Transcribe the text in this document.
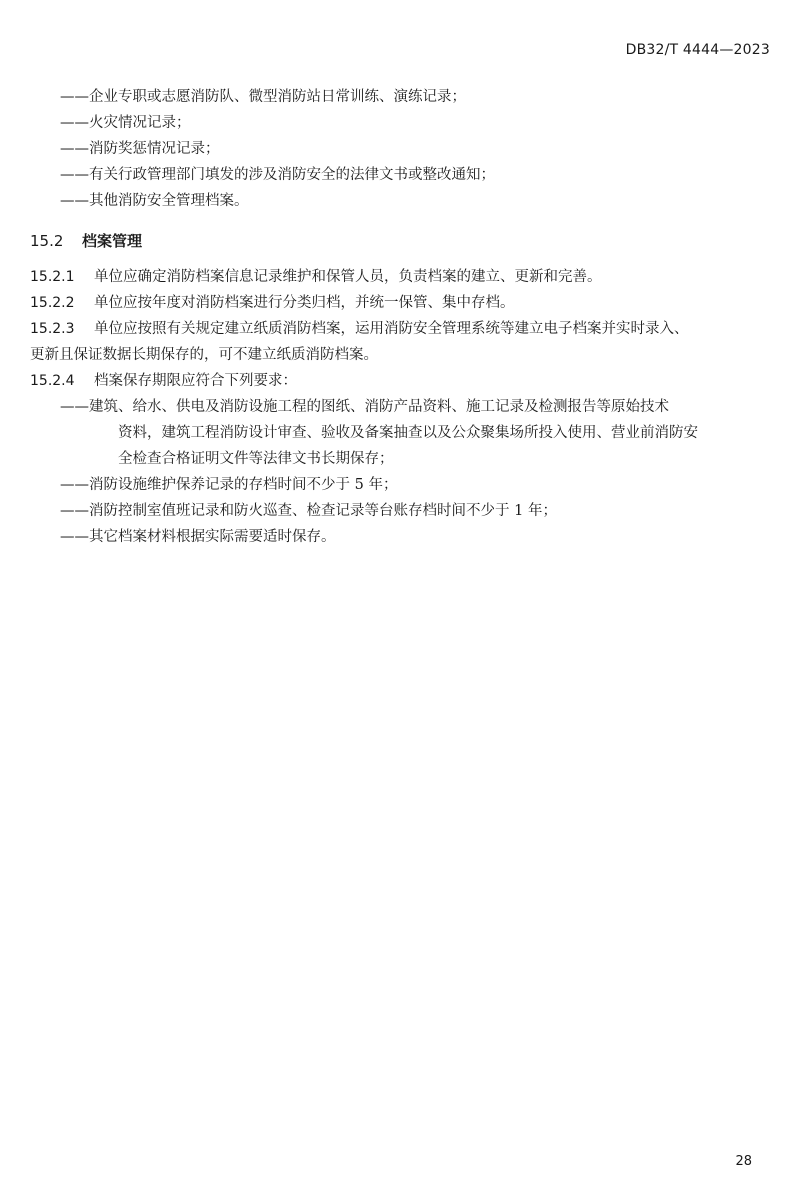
DB32/T 4444—2023
——企业专职或志愿消防队、微型消防站日常训练、演练记录；
——火灾情况记录；
——消防奖惩情况记录；
——有关行政管理部门填发的涉及消防安全的法律文书或整改通知；
——其他消防安全管理档案。
15.2 档案管理
15.2.1 单位应确定消防档案信息记录维护和保管人员，负责档案的建立、更新和完善。
15.2.2 单位应按年度对消防档案进行分类归档，并统一保管、集中存档。
15.2.3 单位应按照有关规定建立纸质消防档案，运用消防安全管理系统等建立电子档案并实时录入、
更新且保证数据长期保存的，可不建立纸质消防档案。
15.2.4 档案保存期限应符合下列要求：
——建筑、给水、供电及消防设施工程的图纸、消防产品资料、施工记录及检测报告等原始技术
资料，建筑工程消防设计审查、验收及备案抽查以及公众聚集场所投入使用、营业前消防安
全检查合格证明文件等法律文书长期保存；
——消防设施维护保养记录的存档时间不少于 5 年；
——消防控制室值班记录和防火巡查、检查记录等台账存档时间不少于 1 年；
——其它档案材料根据实际需要适时保存。
28
